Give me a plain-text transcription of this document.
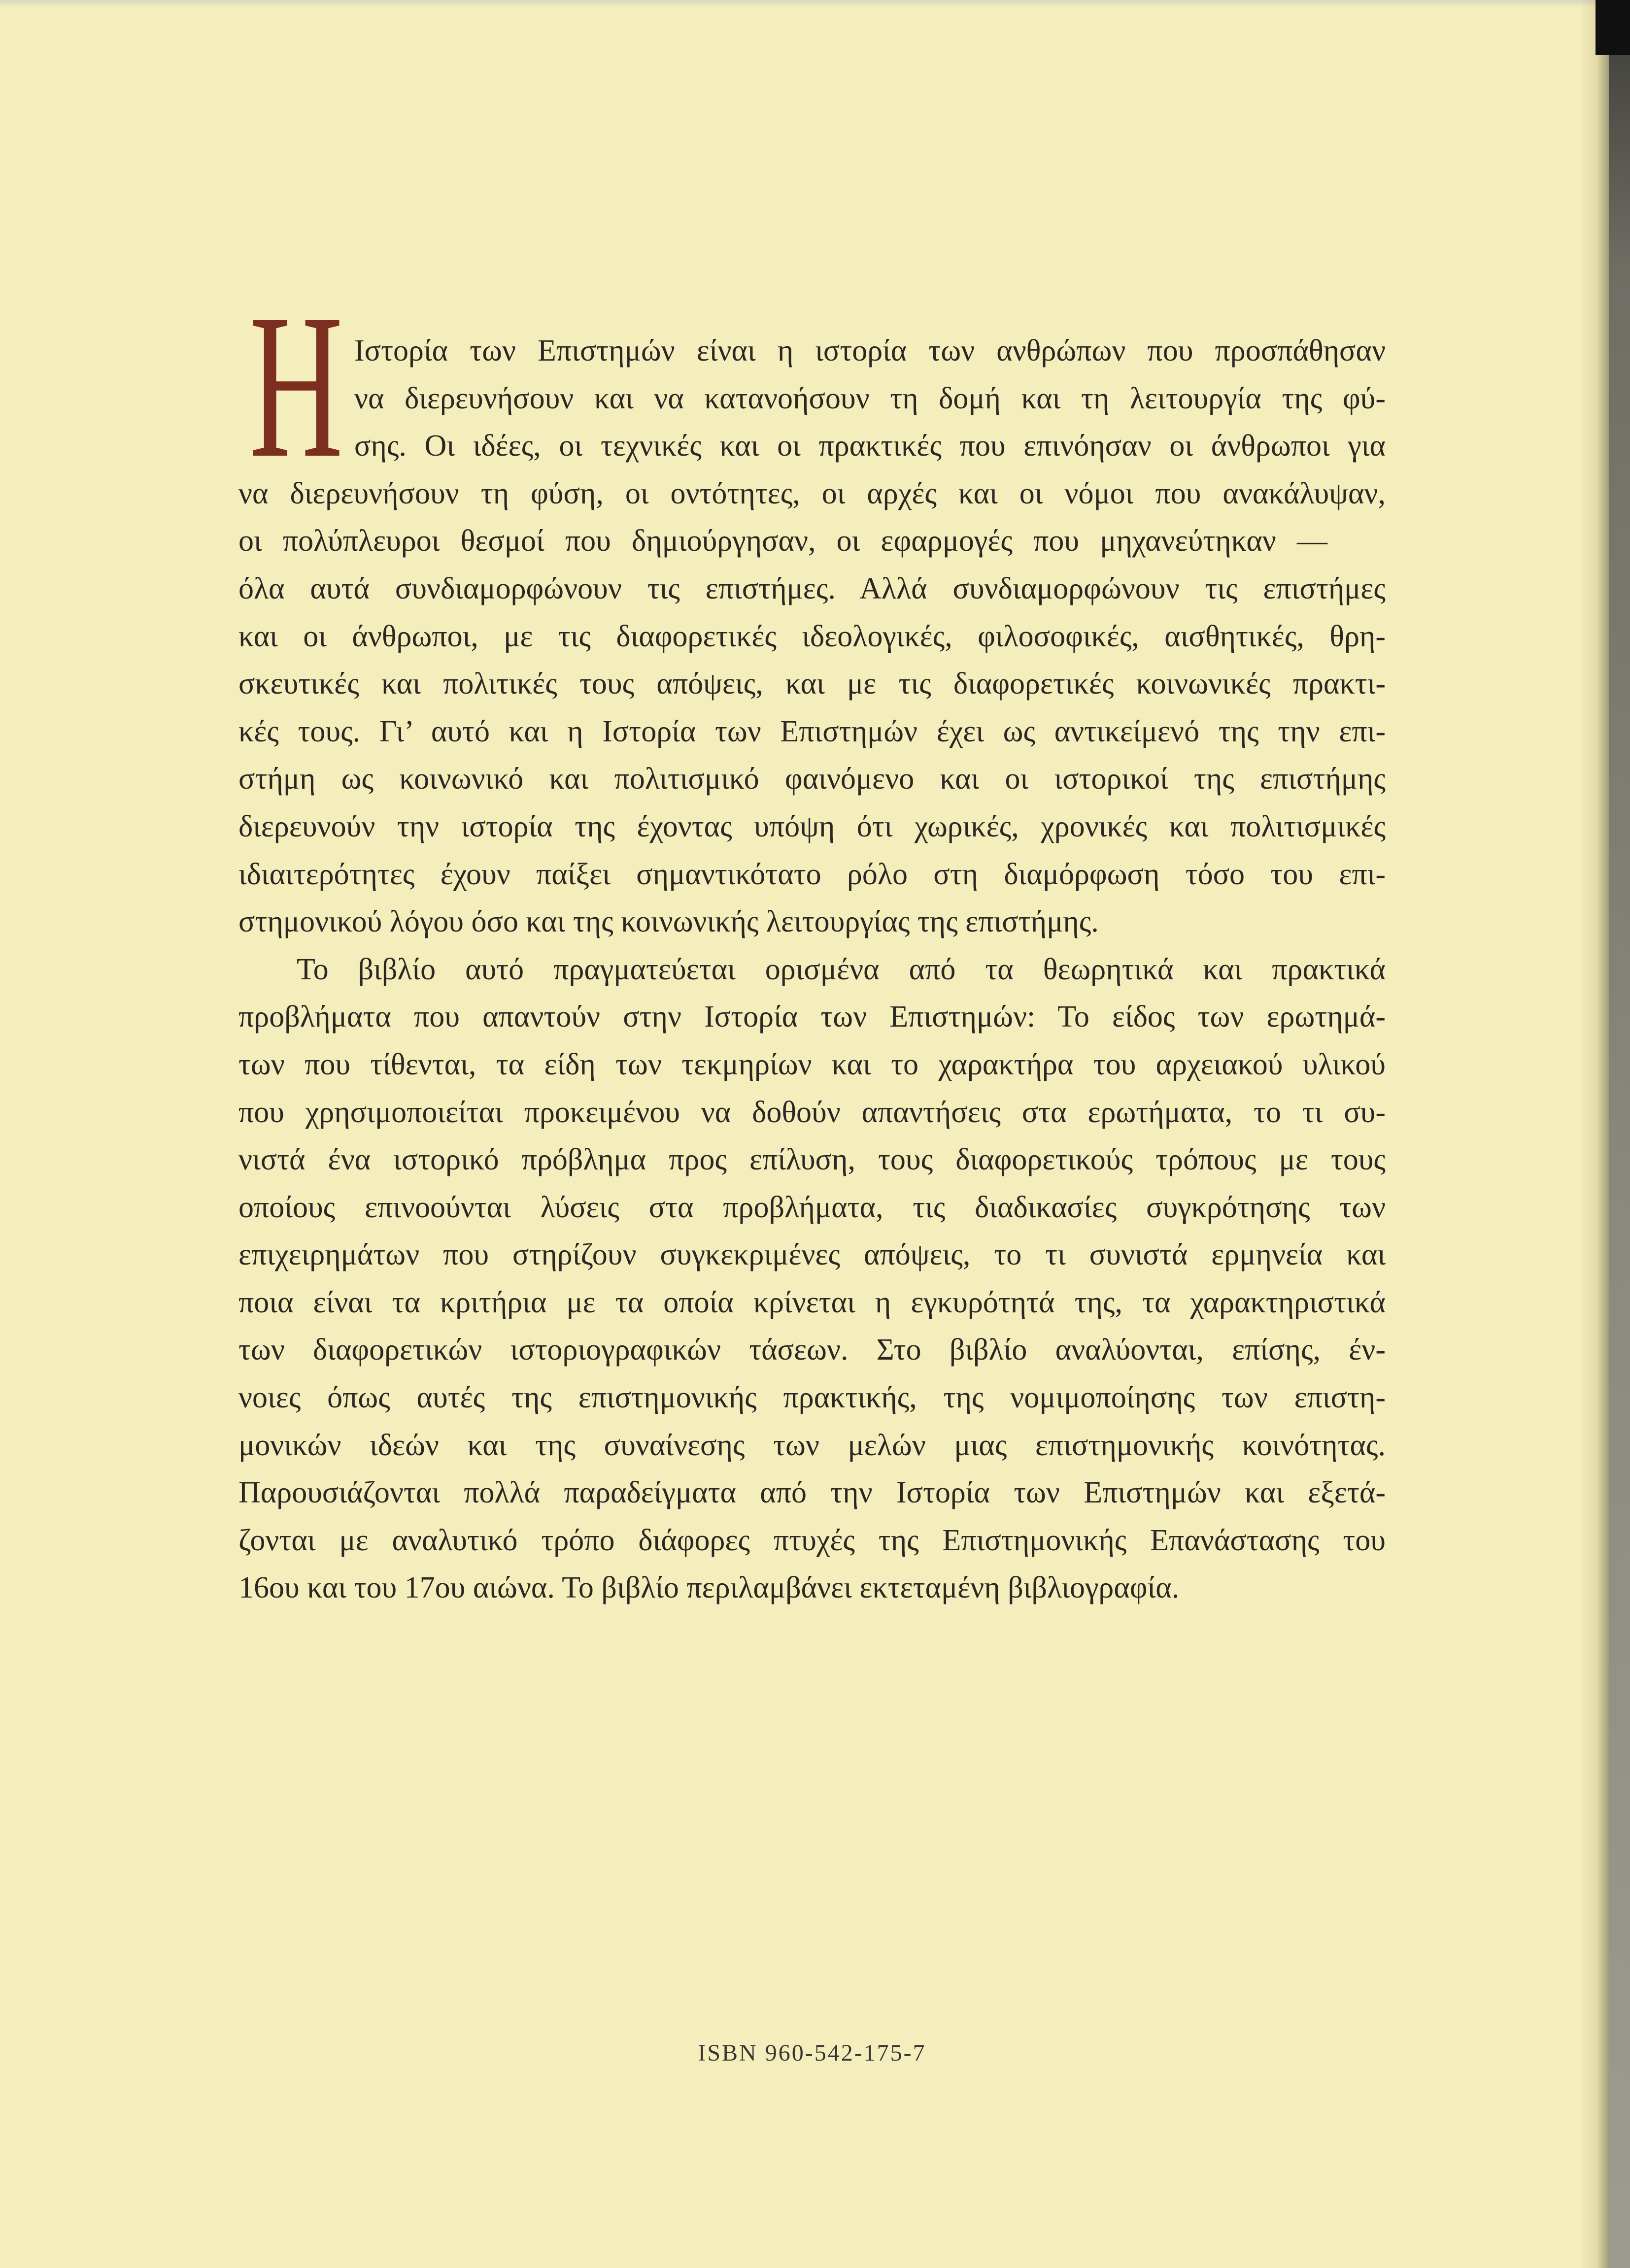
Η Ιστορία των Επιστημών είναι η ιστορία των ανθρώπων που προσπάθησαν
να διερευνήσουν και να κατανοήσουν τη δομή και τη λειτουργία της φύ-
σης. Οι ιδέες, οι τεχνικές και οι πρακτικές που επινόησαν οι άνθρωποι για
να διερευνήσουν τη φύση, οι οντότητες, οι αρχές και οι νόμοι που ανακάλυψαν,
οι πολύπλευροι θεσμοί που δημιούργησαν, οι εφαρμογές που μηχανεύτηκαν —
όλα αυτά συνδιαμορφώνουν τις επιστήμες. Αλλά συνδιαμορφώνουν τις επιστήμες
και οι άνθρωποι, με τις διαφορετικές ιδεολογικές, φιλοσοφικές, αισθητικές, θρη-
σκευτικές και πολιτικές τους απόψεις, και με τις διαφορετικές κοινωνικές πρακτι-
κές τους. Γι’ αυτό και η Ιστορία των Επιστημών έχει ως αντικείμενό της την επι-
στήμη ως κοινωνικό και πολιτισμικό φαινόμενο και οι ιστορικοί της επιστήμης
διερευνούν την ιστορία της έχοντας υπόψη ότι χωρικές, χρονικές και πολιτισμικές
ιδιαιτερότητες έχουν παίξει σημαντικότατο ρόλο στη διαμόρφωση τόσο του επι-
στημονικού λόγου όσο και της κοινωνικής λειτουργίας της επιστήμης.
Το βιβλίο αυτό πραγματεύεται ορισμένα από τα θεωρητικά και πρακτικά
προβλήματα που απαντούν στην Ιστορία των Επιστημών: Το είδος των ερωτημά-
των που τίθενται, τα είδη των τεκμηρίων και το χαρακτήρα του αρχειακού υλικού
που χρησιμοποιείται προκειμένου να δοθούν απαντήσεις στα ερωτήματα, το τι συ-
νιστά ένα ιστορικό πρόβλημα προς επίλυση, τους διαφορετικούς τρόπους με τους
οποίους επινοούνται λύσεις στα προβλήματα, τις διαδικασίες συγκρότησης των
επιχειρημάτων που στηρίζουν συγκεκριμένες απόψεις, το τι συνιστά ερμηνεία και
ποια είναι τα κριτήρια με τα οποία κρίνεται η εγκυρότητά της, τα χαρακτηριστικά
των διαφορετικών ιστοριογραφικών τάσεων. Στο βιβλίο αναλύονται, επίσης, έν-
νοιες όπως αυτές της επιστημονικής πρακτικής, της νομιμοποίησης των επιστη-
μονικών ιδεών και της συναίνεσης των μελών μιας επιστημονικής κοινότητας.
Παρουσιάζονται πολλά παραδείγματα από την Ιστορία των Επιστημών και εξετά-
ζονται με αναλυτικό τρόπο διάφορες πτυχές της Επιστημονικής Επανάστασης του
16ου και του 17ου αιώνα. Το βιβλίο περιλαμβάνει εκτεταμένη βιβλιογραφία.
ISBN 960-542-175-7
